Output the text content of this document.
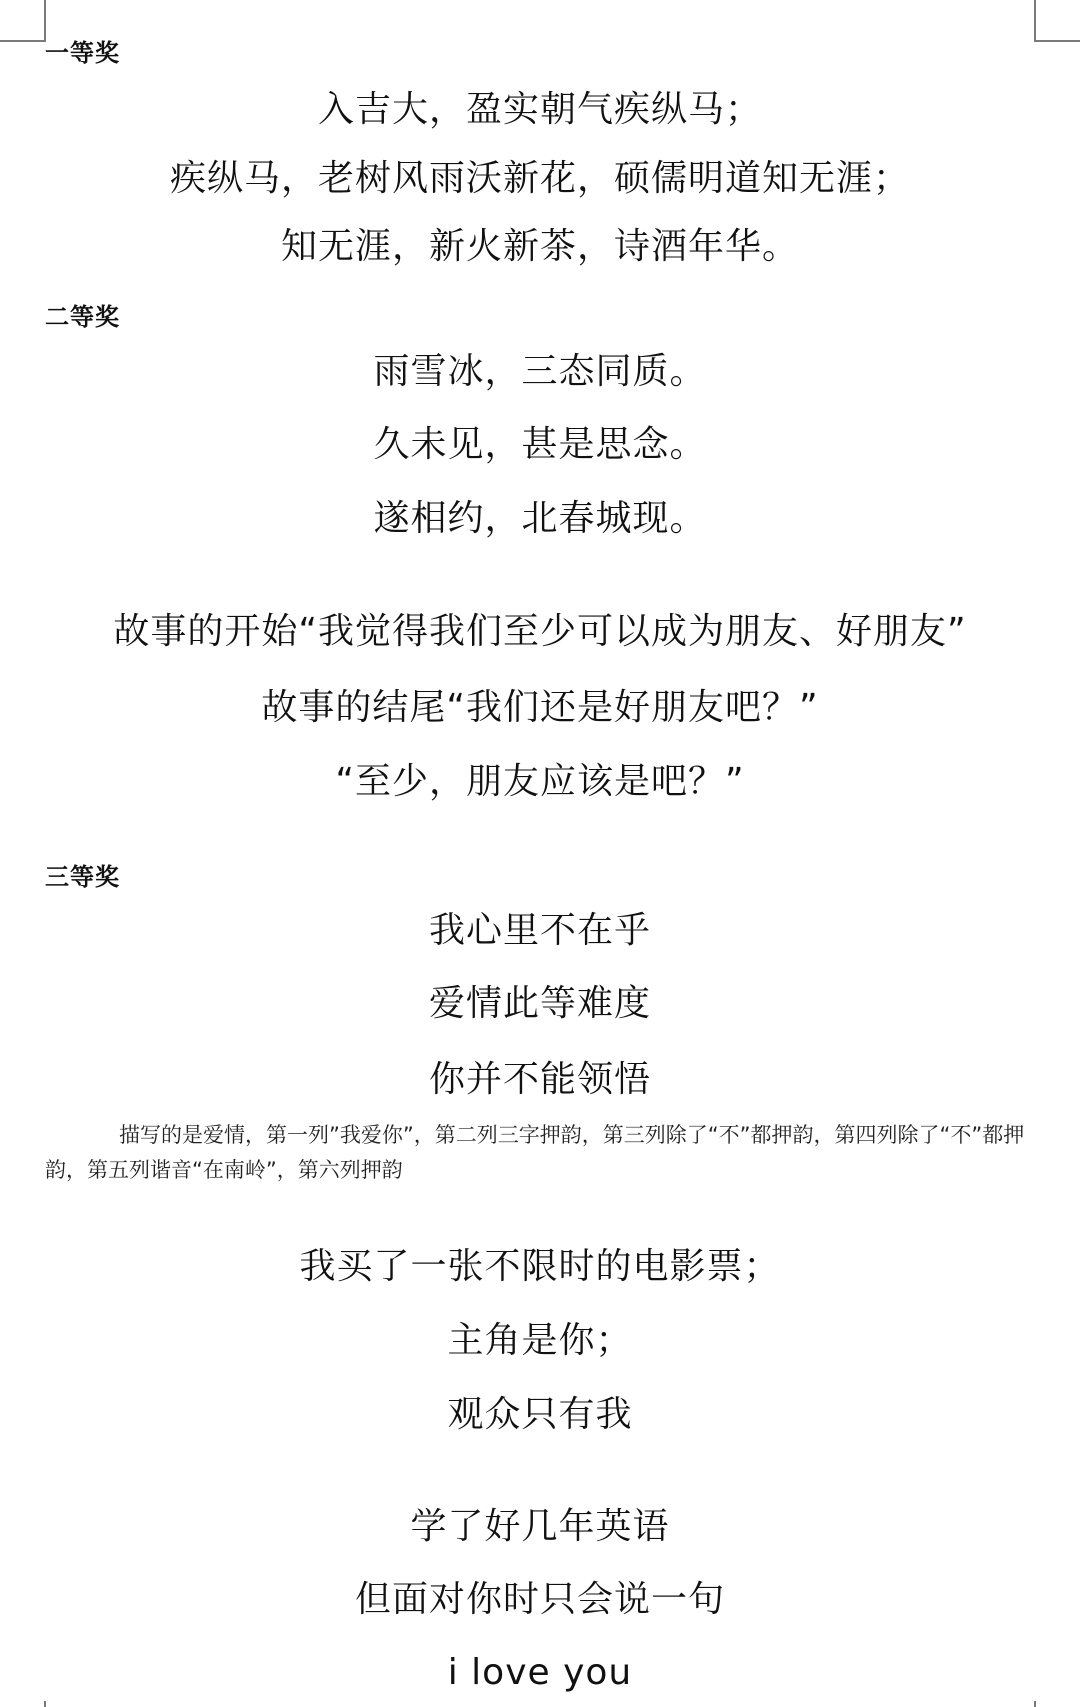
一等奖
入吉大，盈实朝气疾纵马；
疾纵马，老树风雨沃新花，硕儒明道知无涯；
知无涯，新火新茶，诗酒年华。
二等奖
雨雪冰，三态同质。
久未见，甚是思念。
遂相约，北春城现。
故事的开始“我觉得我们至少可以成为朋友、好朋友”
故事的结尾“我们还是好朋友吧？”
“至少，朋友应该是吧？”
三等奖
我心里不在乎
爱情此等难度
你并不能领悟
描写的是爱情，第一列”我爱你”，第二列三字押韵，第三列除了“不”都押韵，第四列除了“不”都押韵，第五列谐音“在南岭”，第六列押韵
我买了一张不限时的电影票；
主角是你；
观众只有我
学了好几年英语
但面对你时只会说一句
i love you
